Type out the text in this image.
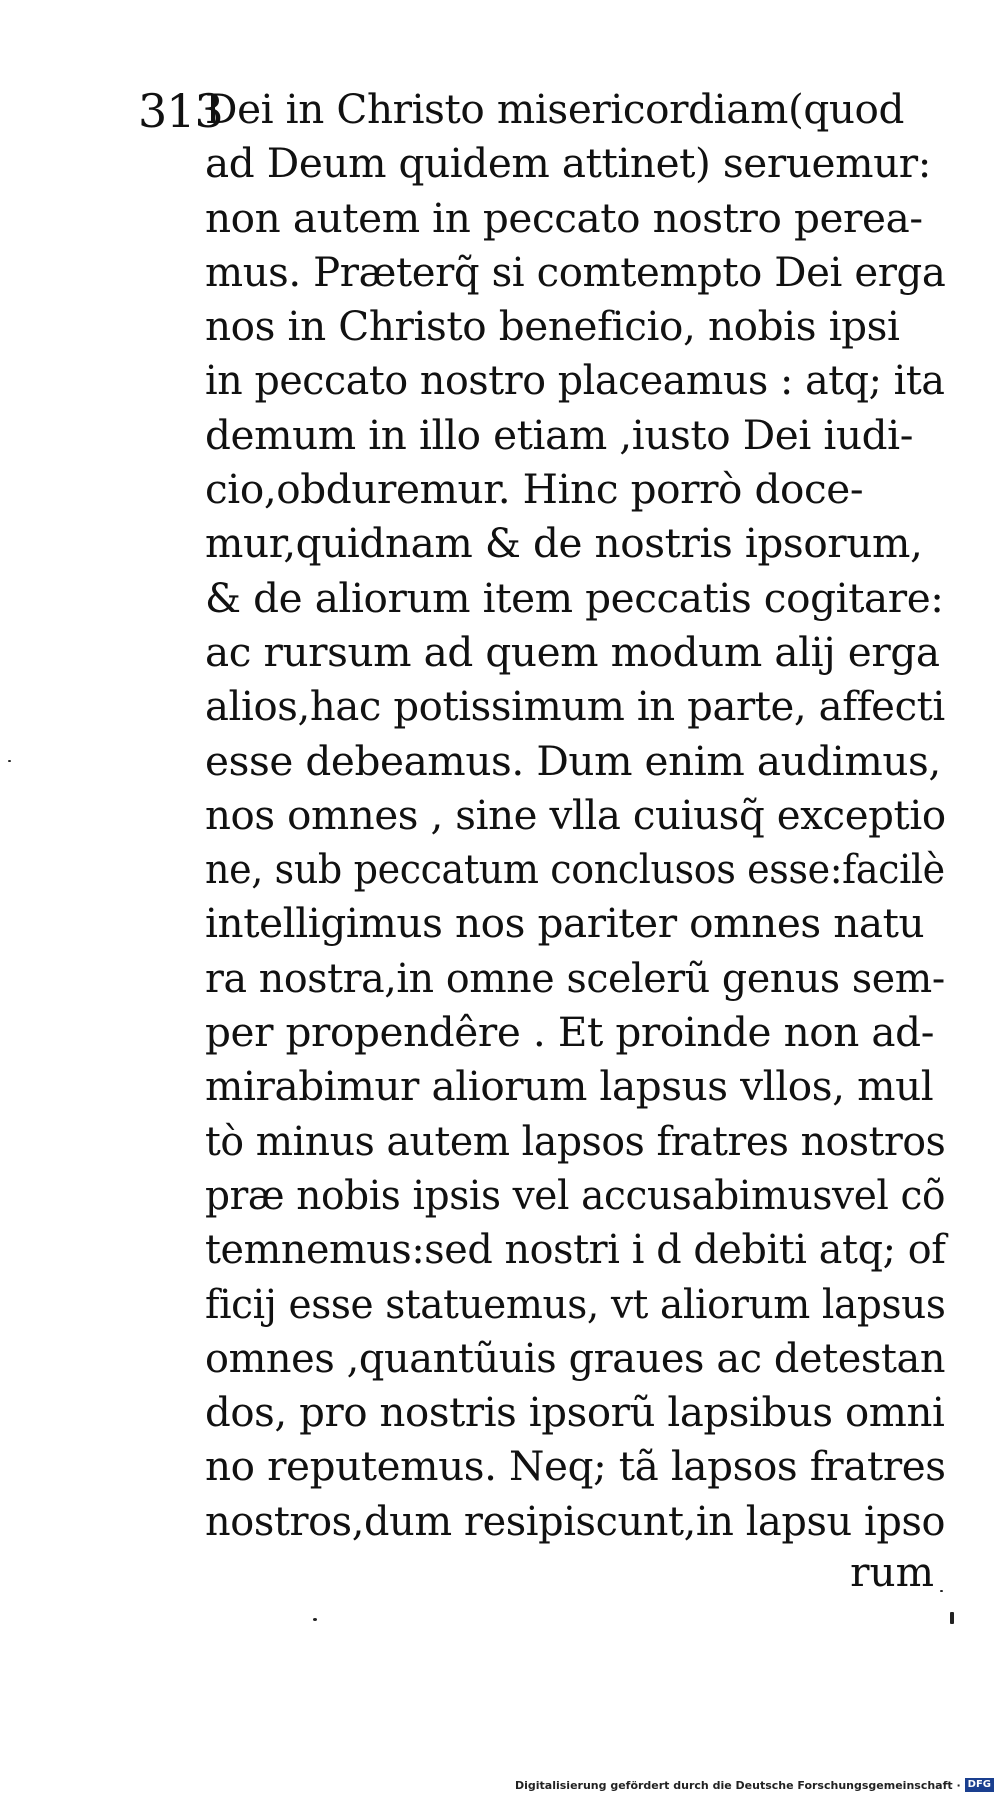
313
Dei in Christo misericordiam(quod
ad Deum quidem attinet) seruemur:
non autem in peccato nostro perea-
mus. Præterq̃ si comtempto Dei erga
nos in Christo beneficio, nobis ipsi
in peccato nostro placeamus : atq; ita
demum in illo etiam ,iusto Dei iudi-
cio,obduremur. Hinc porrò doce-
mur,quidnam & de nostris ipsorum,
& de aliorum item peccatis cogitare:
ac rursum ad quem modum alij erga
alios,hac potissimum in parte, affecti
esse debeamus. Dum enim audimus,
nos omnes , sine vlla cuiusq̃ exceptio
ne, sub peccatum conclusos esse:facilè
intelligimus nos pariter omnes natu
ra nostra,in omne scelerũ genus sem-
per propendêre . Et proinde non ad-
mirabimur aliorum lapsus vllos, mul
tò minus autem lapsos fratres nostros
præ nobis ipsis vel accusabimusvel cõ
temnemus:sed nostri i d debiti atq; of
ficij esse statuemus, vt aliorum lapsus
omnes ,quantũuis graues ac detestan
dos, pro nostris ipsorũ lapsibus omni
no reputemus. Neq; tã lapsos fratres
nostros,dum resipiscunt,in lapsu ipso
rum
Digitalisierung gefördert durch die Deutsche Forschungsgemeinschaft · DFG
